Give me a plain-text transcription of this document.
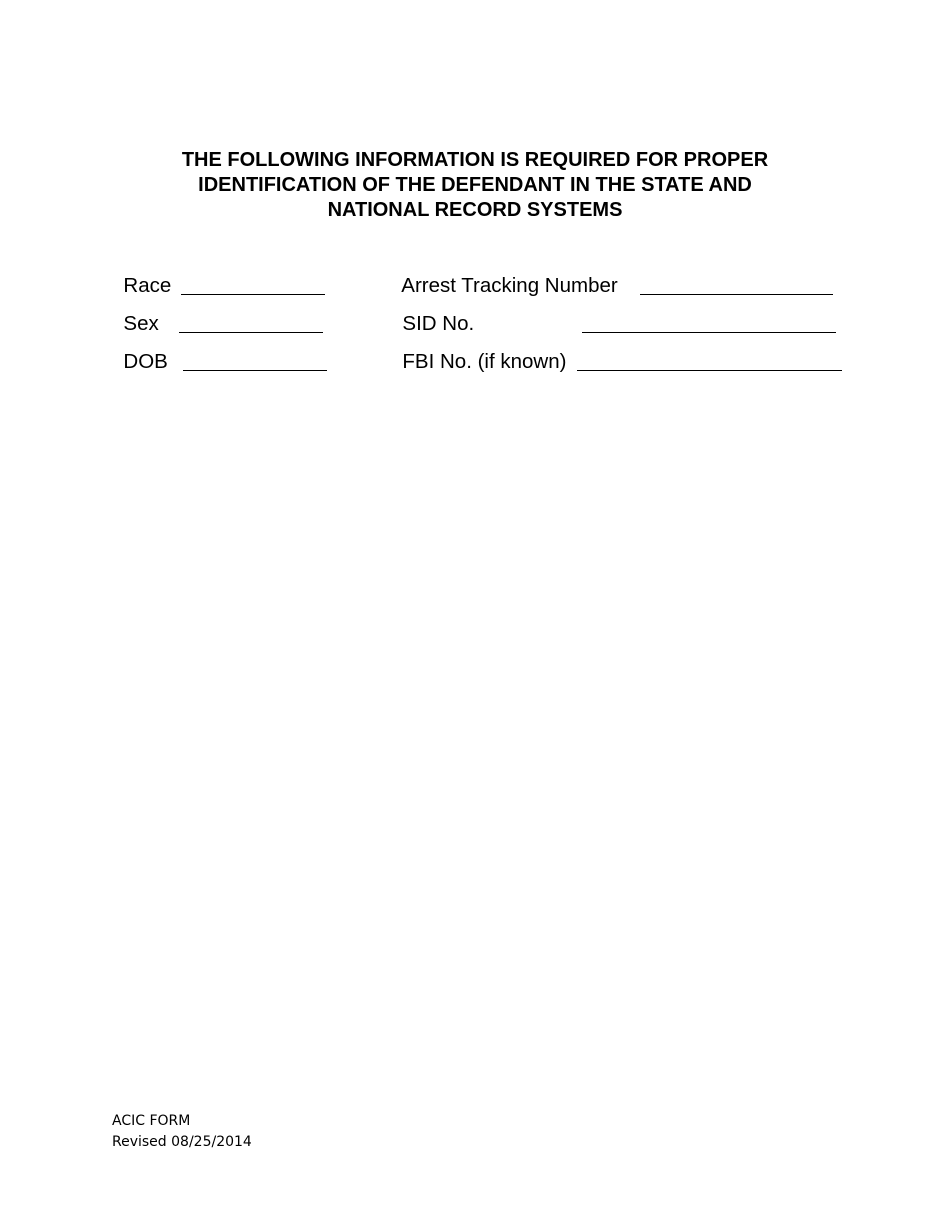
THE FOLLOWING INFORMATION IS REQUIRED FOR PROPER
IDENTIFICATION OF THE DEFENDANT IN THE STATE AND
NATIONAL RECORD SYSTEMS

Race

Sex

DOB

Arrest Tracking Number

SID No.

FBI No. (if known)

ACIC FORM
Revised 08/25/2014
